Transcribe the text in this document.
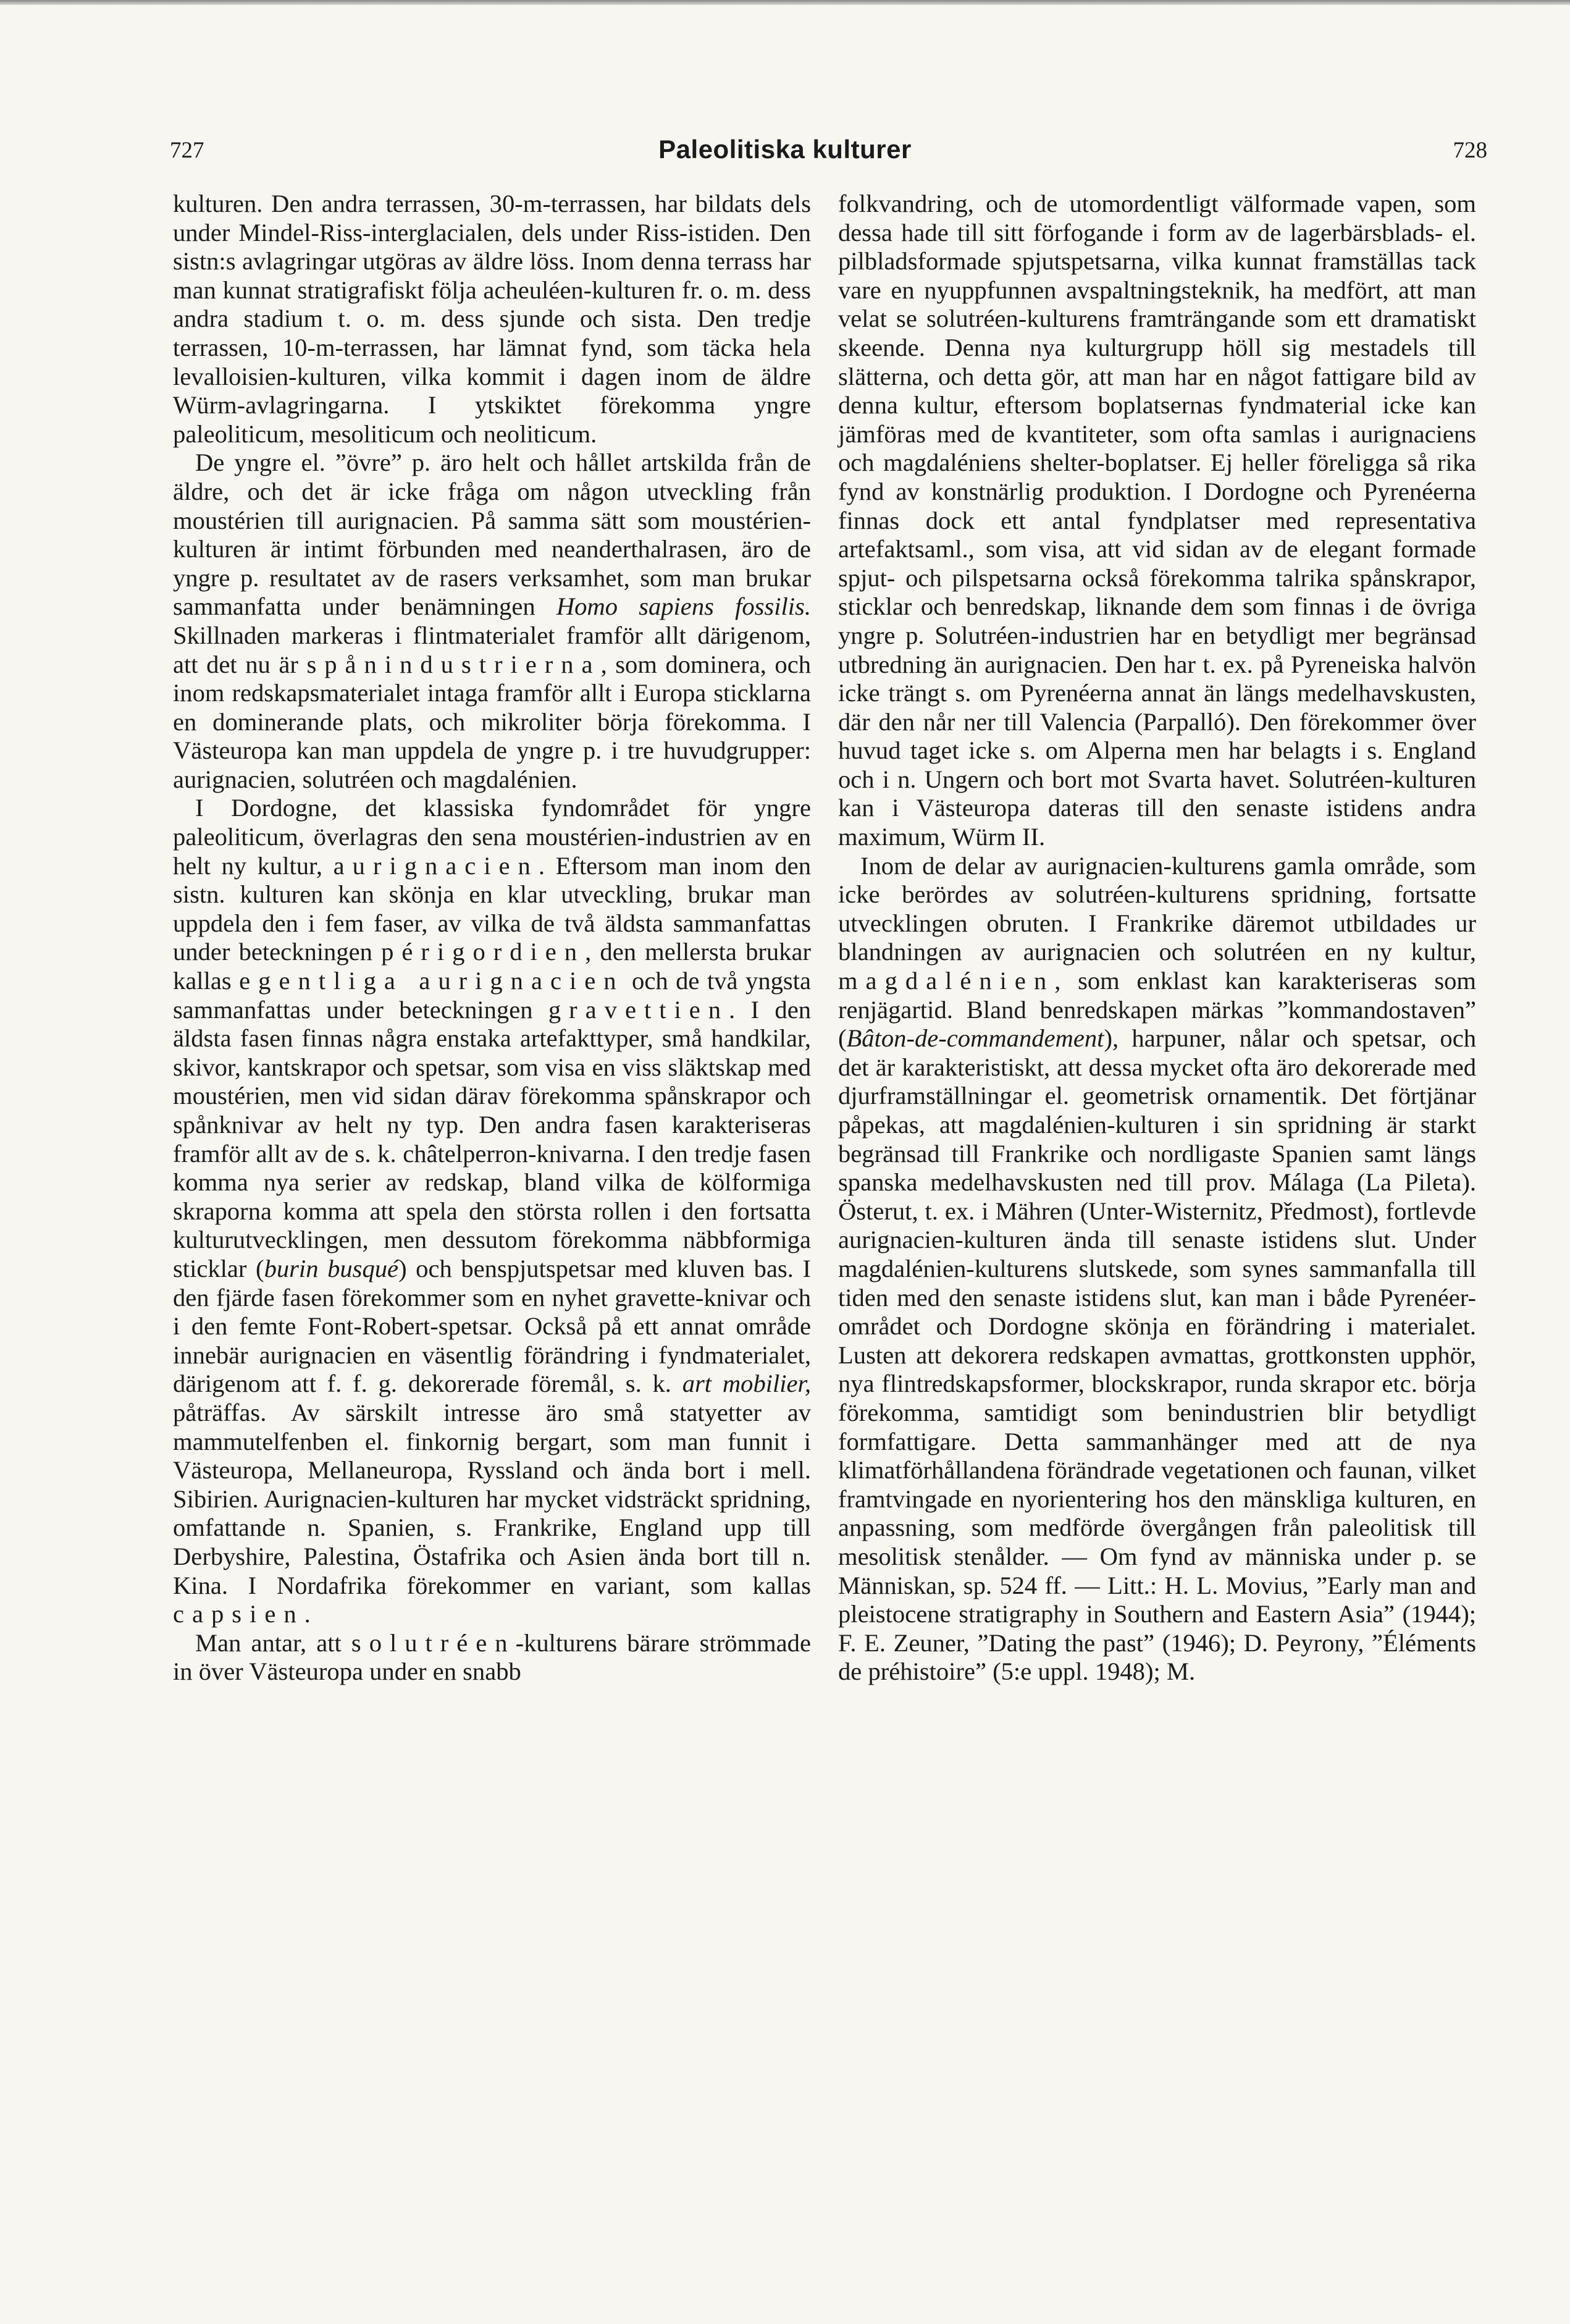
727	Paleolitiska kulturer	728

kulturen. Den andra terrassen, 30-m-terrassen, har bildats dels under Mindel-Riss-interglacialen, dels under Riss-istiden. Den sistn:s avlagringar utgöras av äldre löss. Inom denna terrass har man kunnat stratigrafiskt följa acheuléen-kulturen fr. o. m. dess andra stadium t. o. m. dess sjunde och sista. Den tredje terrassen, 10-m-terrassen, har lämnat fynd, som täcka hela levalloisien-kulturen, vilka kommit i dagen inom de äldre Würm-avlagringarna. I ytskiktet förekomma yngre paleoliticum, mesoliticum och neoliticum.

De yngre el. ”övre” p. äro helt och hållet artskilda från de äldre, och det är icke fråga om någon utveckling från moustérien till aurignacien. På samma sätt som moustérien-kulturen är intimt förbunden med neanderthalrasen, äro de yngre p. resultatet av de rasers verksamhet, som man brukar sammanfatta under benämningen Homo sapiens fossilis. Skillnaden markeras i flintmaterialet framför allt därigenom, att det nu är spånindustrierna, som dominera, och inom redskapsmaterialet intaga framför allt i Europa sticklarna en dominerande plats, och mikroliter börja förekomma. I Västeuropa kan man uppdela de yngre p. i tre huvudgrupper: aurignacien, solutréen och magdalénien.

I Dordogne, det klassiska fyndområdet för yngre paleoliticum, överlagras den sena moustérien-industrien av en helt ny kultur, aurignacien. Eftersom man inom den sistn. kulturen kan skönja en klar utveckling, brukar man uppdela den i fem faser, av vilka de två äldsta sammanfattas under beteckningen périgordien, den mellersta brukar kallas egentliga aurignacien och de två yngsta sammanfattas under beteckningen gravettien. I den äldsta fasen finnas några enstaka artefakttyper, små handkilar, skivor, kantskrapor och spetsar, som visa en viss släktskap med moustérien, men vid sidan därav förekomma spånskrapor och spånknivar av helt ny typ. Den andra fasen karakteriseras framför allt av de s. k. châtelperron-knivarna. I den tredje fasen komma nya serier av redskap, bland vilka de kölformiga skraporna komma att spela den största rollen i den fortsatta kulturutvecklingen, men dessutom förekomma näbbformiga sticklar (burin busqué) och benspjutspetsar med kluven bas. I den fjärde fasen förekommer som en nyhet gravette-knivar och i den femte Font-Robert-spetsar. Också på ett annat område innebär aurignacien en väsentlig förändring i fyndmaterialet, därigenom att f. f. g. dekorerade föremål, s. k. art mobilier, påträffas. Av särskilt intresse äro små statyetter av mammutelfenben el. finkornig bergart, som man funnit i Västeuropa, Mellaneuropa, Ryssland och ända bort i mell. Sibirien. Aurignacien-kulturen har mycket vidsträckt spridning, omfattande n. Spanien, s. Frankrike, England upp till Derbyshire, Palestina, Östafrika och Asien ända bort till n. Kina. I Nordafrika förekommer en variant, som kallas capsien.

Man antar, att solutréen-kulturens bärare strömmade in över Västeuropa under en snabb

folkvandring, och de utomordentligt välformade vapen, som dessa hade till sitt förfogande i form av de lagerbärsblads- el. pilbladsformade spjutspetsarna, vilka kunnat framställas tack vare en nyuppfunnen avspaltningsteknik, ha medfört, att man velat se solutréen-kulturens framträngande som ett dramatiskt skeende. Denna nya kulturgrupp höll sig mestadels till slätterna, och detta gör, att man har en något fattigare bild av denna kultur, eftersom boplatsernas fyndmaterial icke kan jämföras med de kvantiteter, som ofta samlas i aurignaciens och magdaléniens shelter-boplatser. Ej heller föreligga så rika fynd av konstnärlig produktion. I Dordogne och Pyrenéerna finnas dock ett antal fyndplatser med representativa artefaktsaml., som visa, att vid sidan av de elegant formade spjut- och pilspetsarna också förekomma talrika spånskrapor, sticklar och benredskap, liknande dem som finnas i de övriga yngre p. Solutréen-industrien har en betydligt mer begränsad utbredning än aurignacien. Den har t. ex. på Pyreneiska halvön icke trängt s. om Pyrenéerna annat än längs medelhavskusten, där den når ner till Valencia (Parpalló). Den förekommer över huvud taget icke s. om Alperna men har belagts i s. England och i n. Ungern och bort mot Svarta havet. Solutréen-kulturen kan i Västeuropa dateras till den senaste istidens andra maximum, Würm II.

Inom de delar av aurignacien-kulturens gamla område, som icke berördes av solutréen-kulturens spridning, fortsatte utvecklingen obruten. I Frankrike däremot utbildades ur blandningen av aurignacien och solutréen en ny kultur, magdalénien, som enklast kan karakteriseras som renjägartid. Bland benredskapen märkas ”kommandostaven” (Bâton-de-commandement), harpuner, nålar och spetsar, och det är karakteristiskt, att dessa mycket ofta äro dekorerade med djurframställningar el. geometrisk ornamentik. Det förtjänar påpekas, att magdalénien-kulturen i sin spridning är starkt begränsad till Frankrike och nordligaste Spanien samt längs spanska medelhavskusten ned till prov. Málaga (La Pileta). Österut, t. ex. i Mähren (Unter-Wisternitz, Předmost), fortlevde aurignacien-kulturen ända till senaste istidens slut. Under magdalénien-kulturens slutskede, som synes sammanfalla till tiden med den senaste istidens slut, kan man i både Pyrenéer-området och Dordogne skönja en förändring i materialet. Lusten att dekorera redskapen avmattas, grottkonsten upphör, nya flintredskapsformer, blockskrapor, runda skrapor etc. börja förekomma, samtidigt som benindustrien blir betydligt formfattigare. Detta sammanhänger med att de nya klimatförhållandena förändrade vegetationen och faunan, vilket framtvingade en nyorientering hos den mänskliga kulturen, en anpassning, som medförde övergången från paleolitisk till mesolitisk stenålder. — Om fynd av människa under p. se Människan, sp. 524 ff. — Litt.: H. L. Movius, ”Early man and pleistocene stratigraphy in Southern and Eastern Asia” (1944); F. E. Zeuner, ”Dating the past” (1946); D. Peyrony, ”Éléments de préhistoire” (5:e uppl. 1948); M.
